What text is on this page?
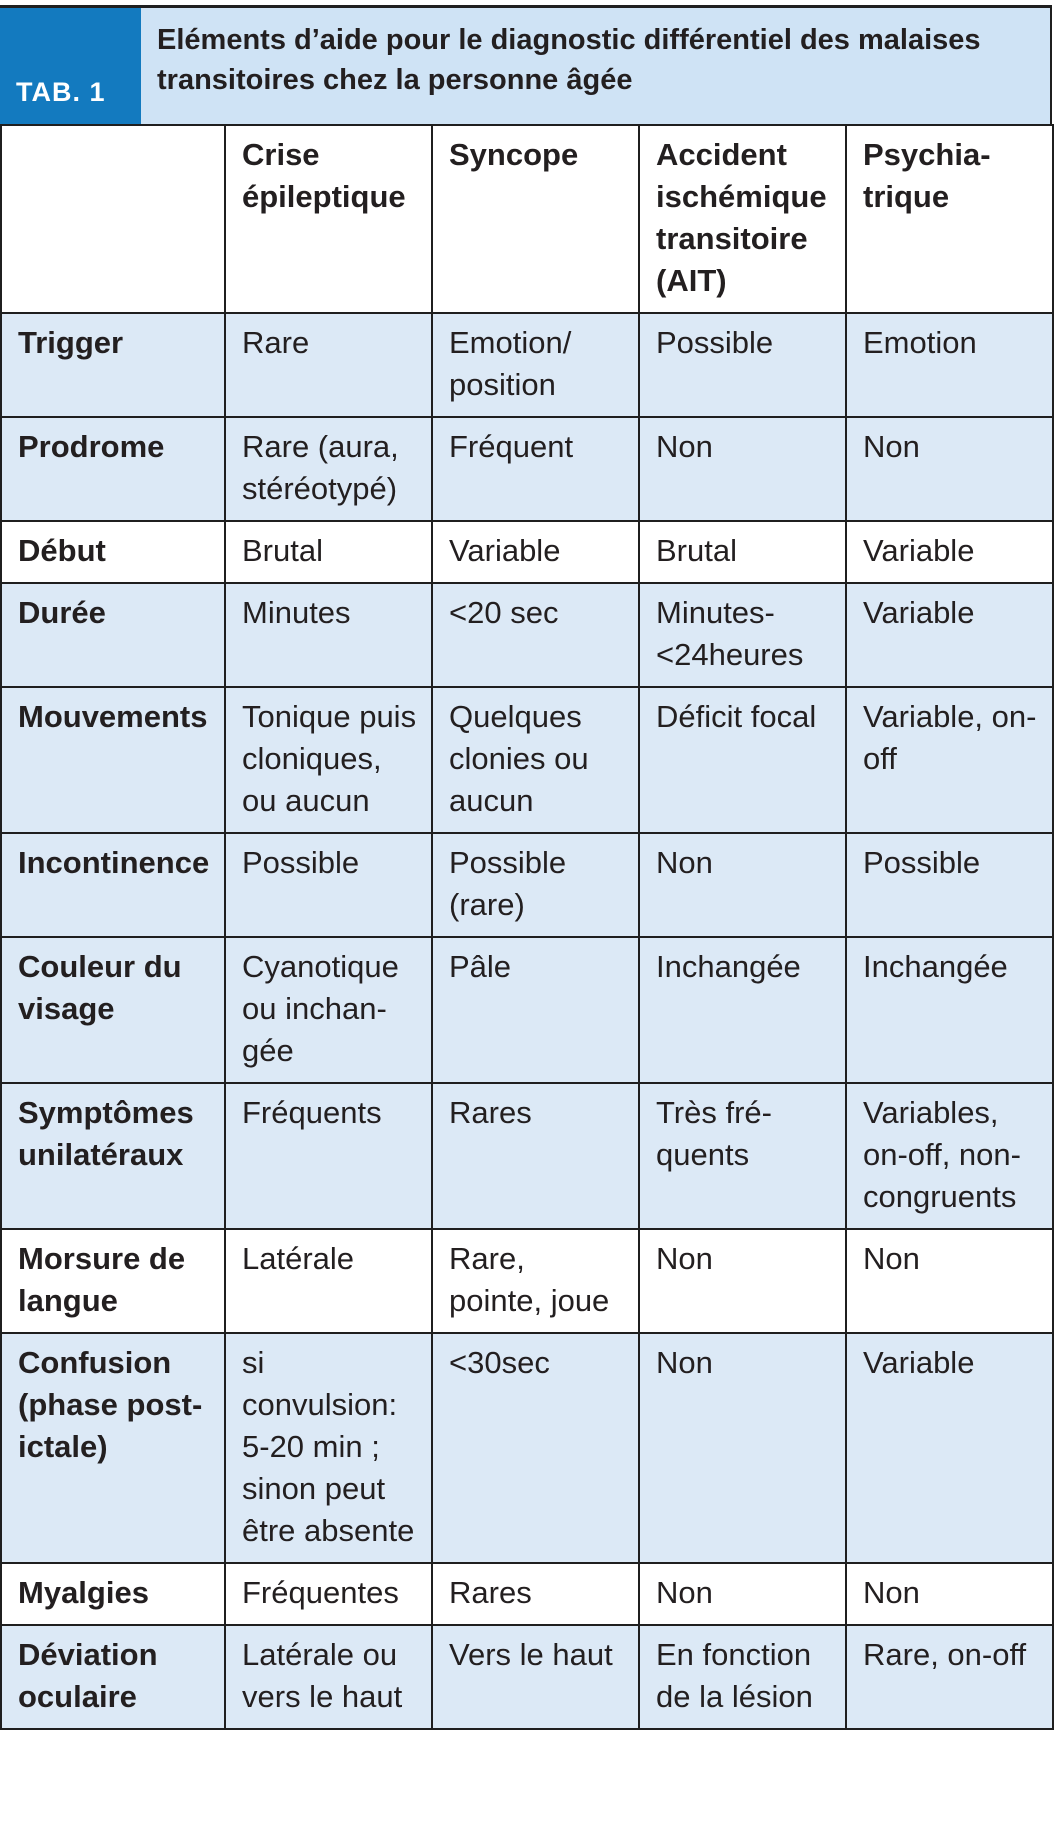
TAB. 1
Eléments d’aide pour le diagnostic différentiel des malaises transitoires chez la personne âgée
	Crise épileptique	Syncope	Accident ischémique transitoire (AIT)	Psychia-trique
Trigger	Rare	Emotion/ position	Possible	Emotion
Prodrome	Rare (aura, stéréotypé)	Fréquent	Non	Non
Début	Brutal	Variable	Brutal	Variable
Durée	Minutes	<20 sec	Minutes-<24heures	Variable
Mouvements	Tonique puis cloniques, ou aucun	Quelques clonies ou aucun	Déficit focal	Variable, on-off
Incontinence	Possible	Possible (rare)	Non	Possible
Couleur du visage	Cyanotique ou inchan-gée	Pâle	Inchangée	Inchangée
Symptômes unilatéraux	Fréquents	Rares	Très fré-quents	Variables, on-off, non-congruents
Morsure de langue	Latérale	Rare, pointe, joue	Non	Non
Confusion (phase post-ictale)	si convulsion: 5-20 min ; sinon peut être absente	<30sec	Non	Variable
Myalgies	Fréquentes	Rares	Non	Non
Déviation oculaire	Latérale ou vers le haut	Vers le haut	En fonction de la lésion	Rare, on-off
